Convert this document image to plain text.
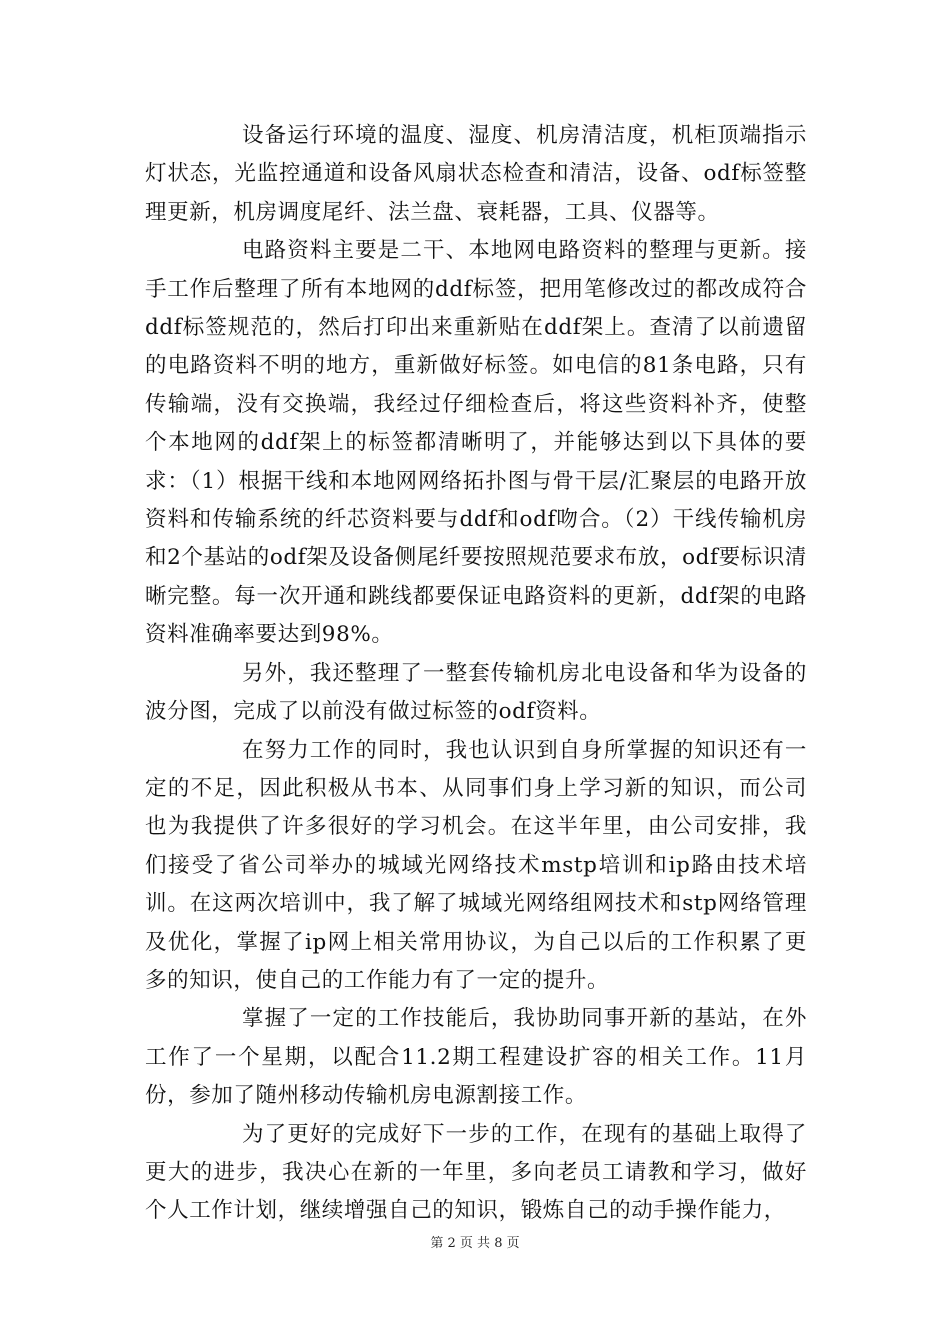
设备运行环境的温度、湿度、机房清洁度，机柜顶端指示灯状态，光监控通道和设备风扇状态检查和清洁，设备、odf标签整理更新，机房调度尾纤、法兰盘、衰耗器，工具、仪器等。

电路资料主要是二干、本地网电路资料的整理与更新。接手工作后整理了所有本地网的ddf标签，把用笔修改过的都改成符合ddf标签规范的，然后打印出来重新贴在ddf架上。查清了以前遗留的电路资料不明的地方，重新做好标签。如电信的81条电路，只有传输端，没有交换端，我经过仔细检查后，将这些资料补齐，使整个本地网的ddf架上的标签都清晰明了，并能够达到以下具体的要求：（1）根据干线和本地网网络拓扑图与骨干层/汇聚层的电路开放资料和传输系统的纤芯资料要与ddf和odf吻合。（2）干线传输机房和2个基站的odf架及设备侧尾纤要按照规范要求布放，odf要标识清晰完整。每一次开通和跳线都要保证电路资料的更新，ddf架的电路资料准确率要达到98%。

另外，我还整理了一整套传输机房北电设备和华为设备的波分图，完成了以前没有做过标签的odf资料。

在努力工作的同时，我也认识到自身所掌握的知识还有一定的不足，因此积极从书本、从同事们身上学习新的知识，而公司也为我提供了许多很好的学习机会。在这半年里，由公司安排，我们接受了省公司举办的城域光网络技术mstp培训和ip路由技术培训。在这两次培训中，我了解了城域光网络组网技术和stp网络管理及优化，掌握了ip网上相关常用协议，为自己以后的工作积累了更多的知识，使自己的工作能力有了一定的提升。

掌握了一定的工作技能后，我协助同事开新的基站，在外工作了一个星期，以配合11.2期工程建设扩容的相关工作。11月份，参加了随州移动传输机房电源割接工作。

为了更好的完成好下一步的工作，在现有的基础上取得了更大的进步，我决心在新的一年里，多向老员工请教和学习，做好个人工作计划，继续增强自己的知识，锻炼自己的动手操作能力，

第 2 页 共 8 页
